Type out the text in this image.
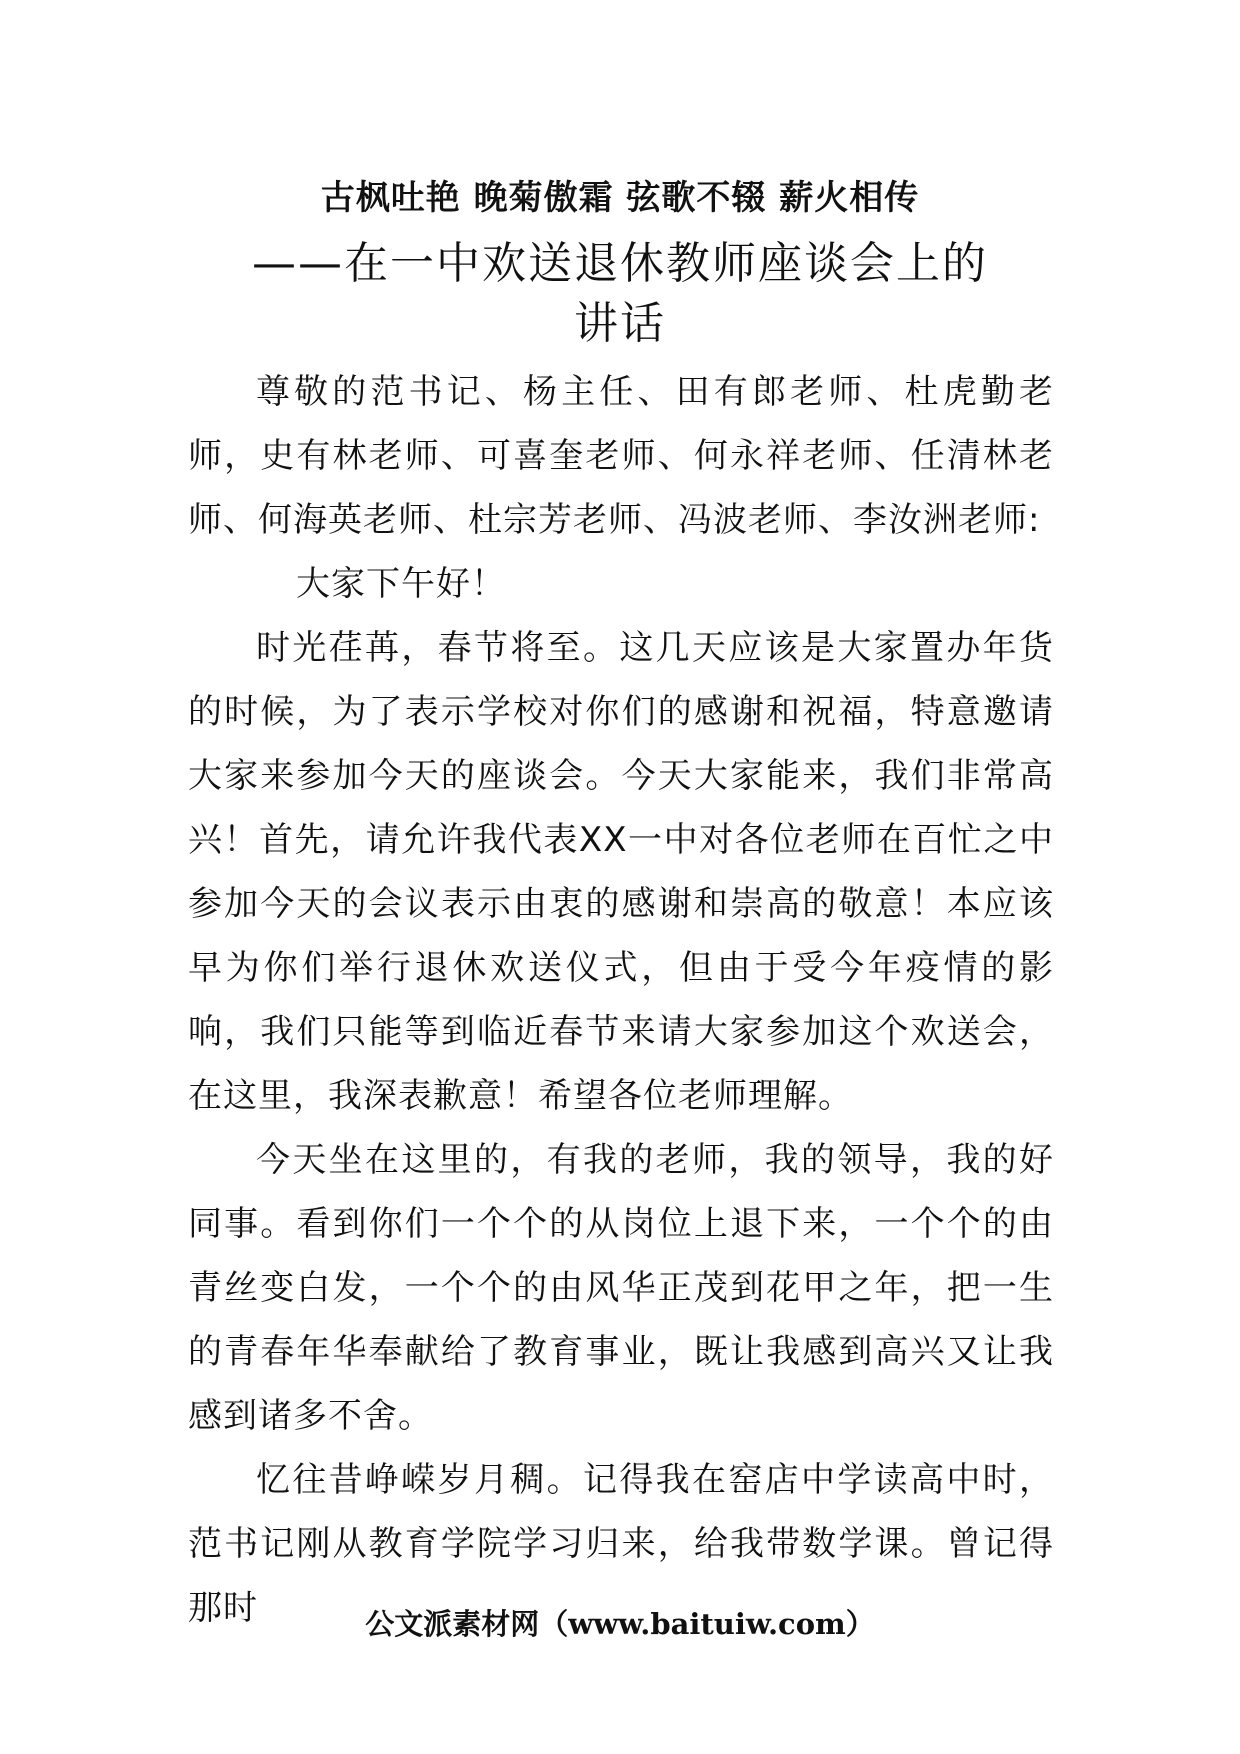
古枫吐艳 晚菊傲霜 弦歌不辍 薪火相传
——在一中欢送退休教师座谈会上的
讲话

尊敬的范书记、杨主任、田有郎老师、杜虎勤老师，史有林老师、可喜奎老师、何永祥老师、任清林老师、何海英老师、杜宗芳老师、冯波老师、李汝洲老师:

大家下午好！

时光荏苒，春节将至。这几天应该是大家置办年货的时候，为了表示学校对你们的感谢和祝福，特意邀请大家来参加今天的座谈会。今天大家能来，我们非常高兴！首先，请允许我代表XX一中对各位老师在百忙之中参加今天的会议表示由衷的感谢和崇高的敬意！本应该早为你们举行退休欢送仪式，但由于受今年疫情的影响，我们只能等到临近春节来请大家参加这个欢送会，在这里，我深表歉意！希望各位老师理解。

今天坐在这里的，有我的老师，我的领导，我的好同事。看到你们一个个的从岗位上退下来，一个个的由青丝变白发，一个个的由风华正茂到花甲之年，把一生的青春年华奉献给了教育事业，既让我感到高兴又让我感到诸多不舍。

忆往昔峥嵘岁月稠。记得我在窑店中学读高中时，范书记刚从教育学院学习归来，给我带数学课。曾记得那时	公文派素材网（www.baituiw.com）
